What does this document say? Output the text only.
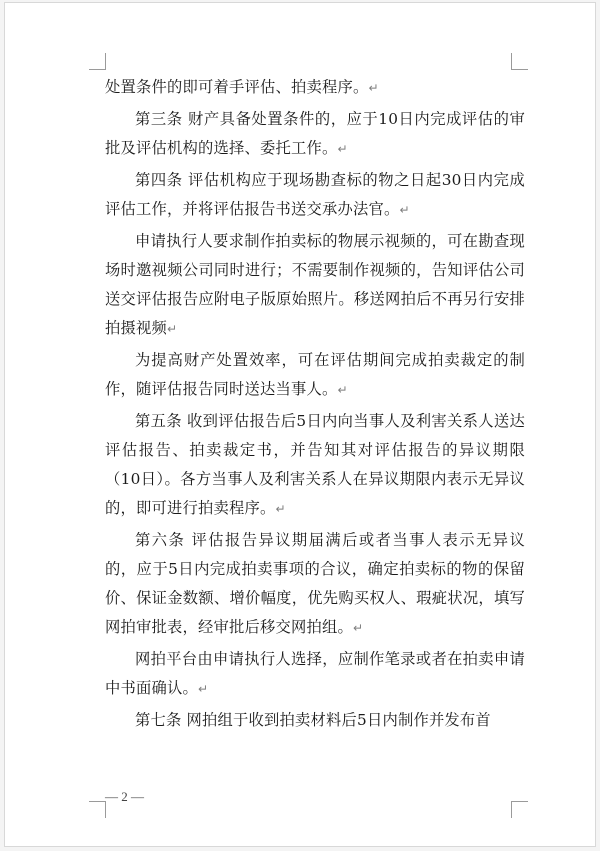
处置条件的即可着手评估、拍卖程序。↵

第三条 财产具备处置条件的，应于10日内完成评估的审批及评估机构的选择、委托工作。↵

第四条 评估机构应于现场勘查标的物之日起30日内完成评估工作，并将评估报告书送交承办法官。↵

申请执行人要求制作拍卖标的物展示视频的，可在勘查现场时邀视频公司同时进行；不需要制作视频的，告知评估公司送交评估报告应附电子版原始照片。移送网拍后不再另行安排拍摄视频↵

为提高财产处置效率，可在评估期间完成拍卖裁定的制作，随评估报告同时送达当事人。↵

第五条 收到评估报告后5日内向当事人及利害关系人送达评估报告、拍卖裁定书，并告知其对评估报告的异议期限（10日）。各方当事人及利害关系人在异议期限内表示无异议的，即可进行拍卖程序。↵

第六条 评估报告异议期届满后或者当事人表示无异议的，应于5日内完成拍卖事项的合议，确定拍卖标的物的保留价、保证金数额、增价幅度，优先购买权人、瑕疵状况，填写网拍审批表，经审批后移交网拍组。↵

网拍平台由申请执行人选择，应制作笔录或者在拍卖申请中书面确认。↵

第七条 网拍组于收到拍卖材料后5日内制作并发布首

— 2 —
